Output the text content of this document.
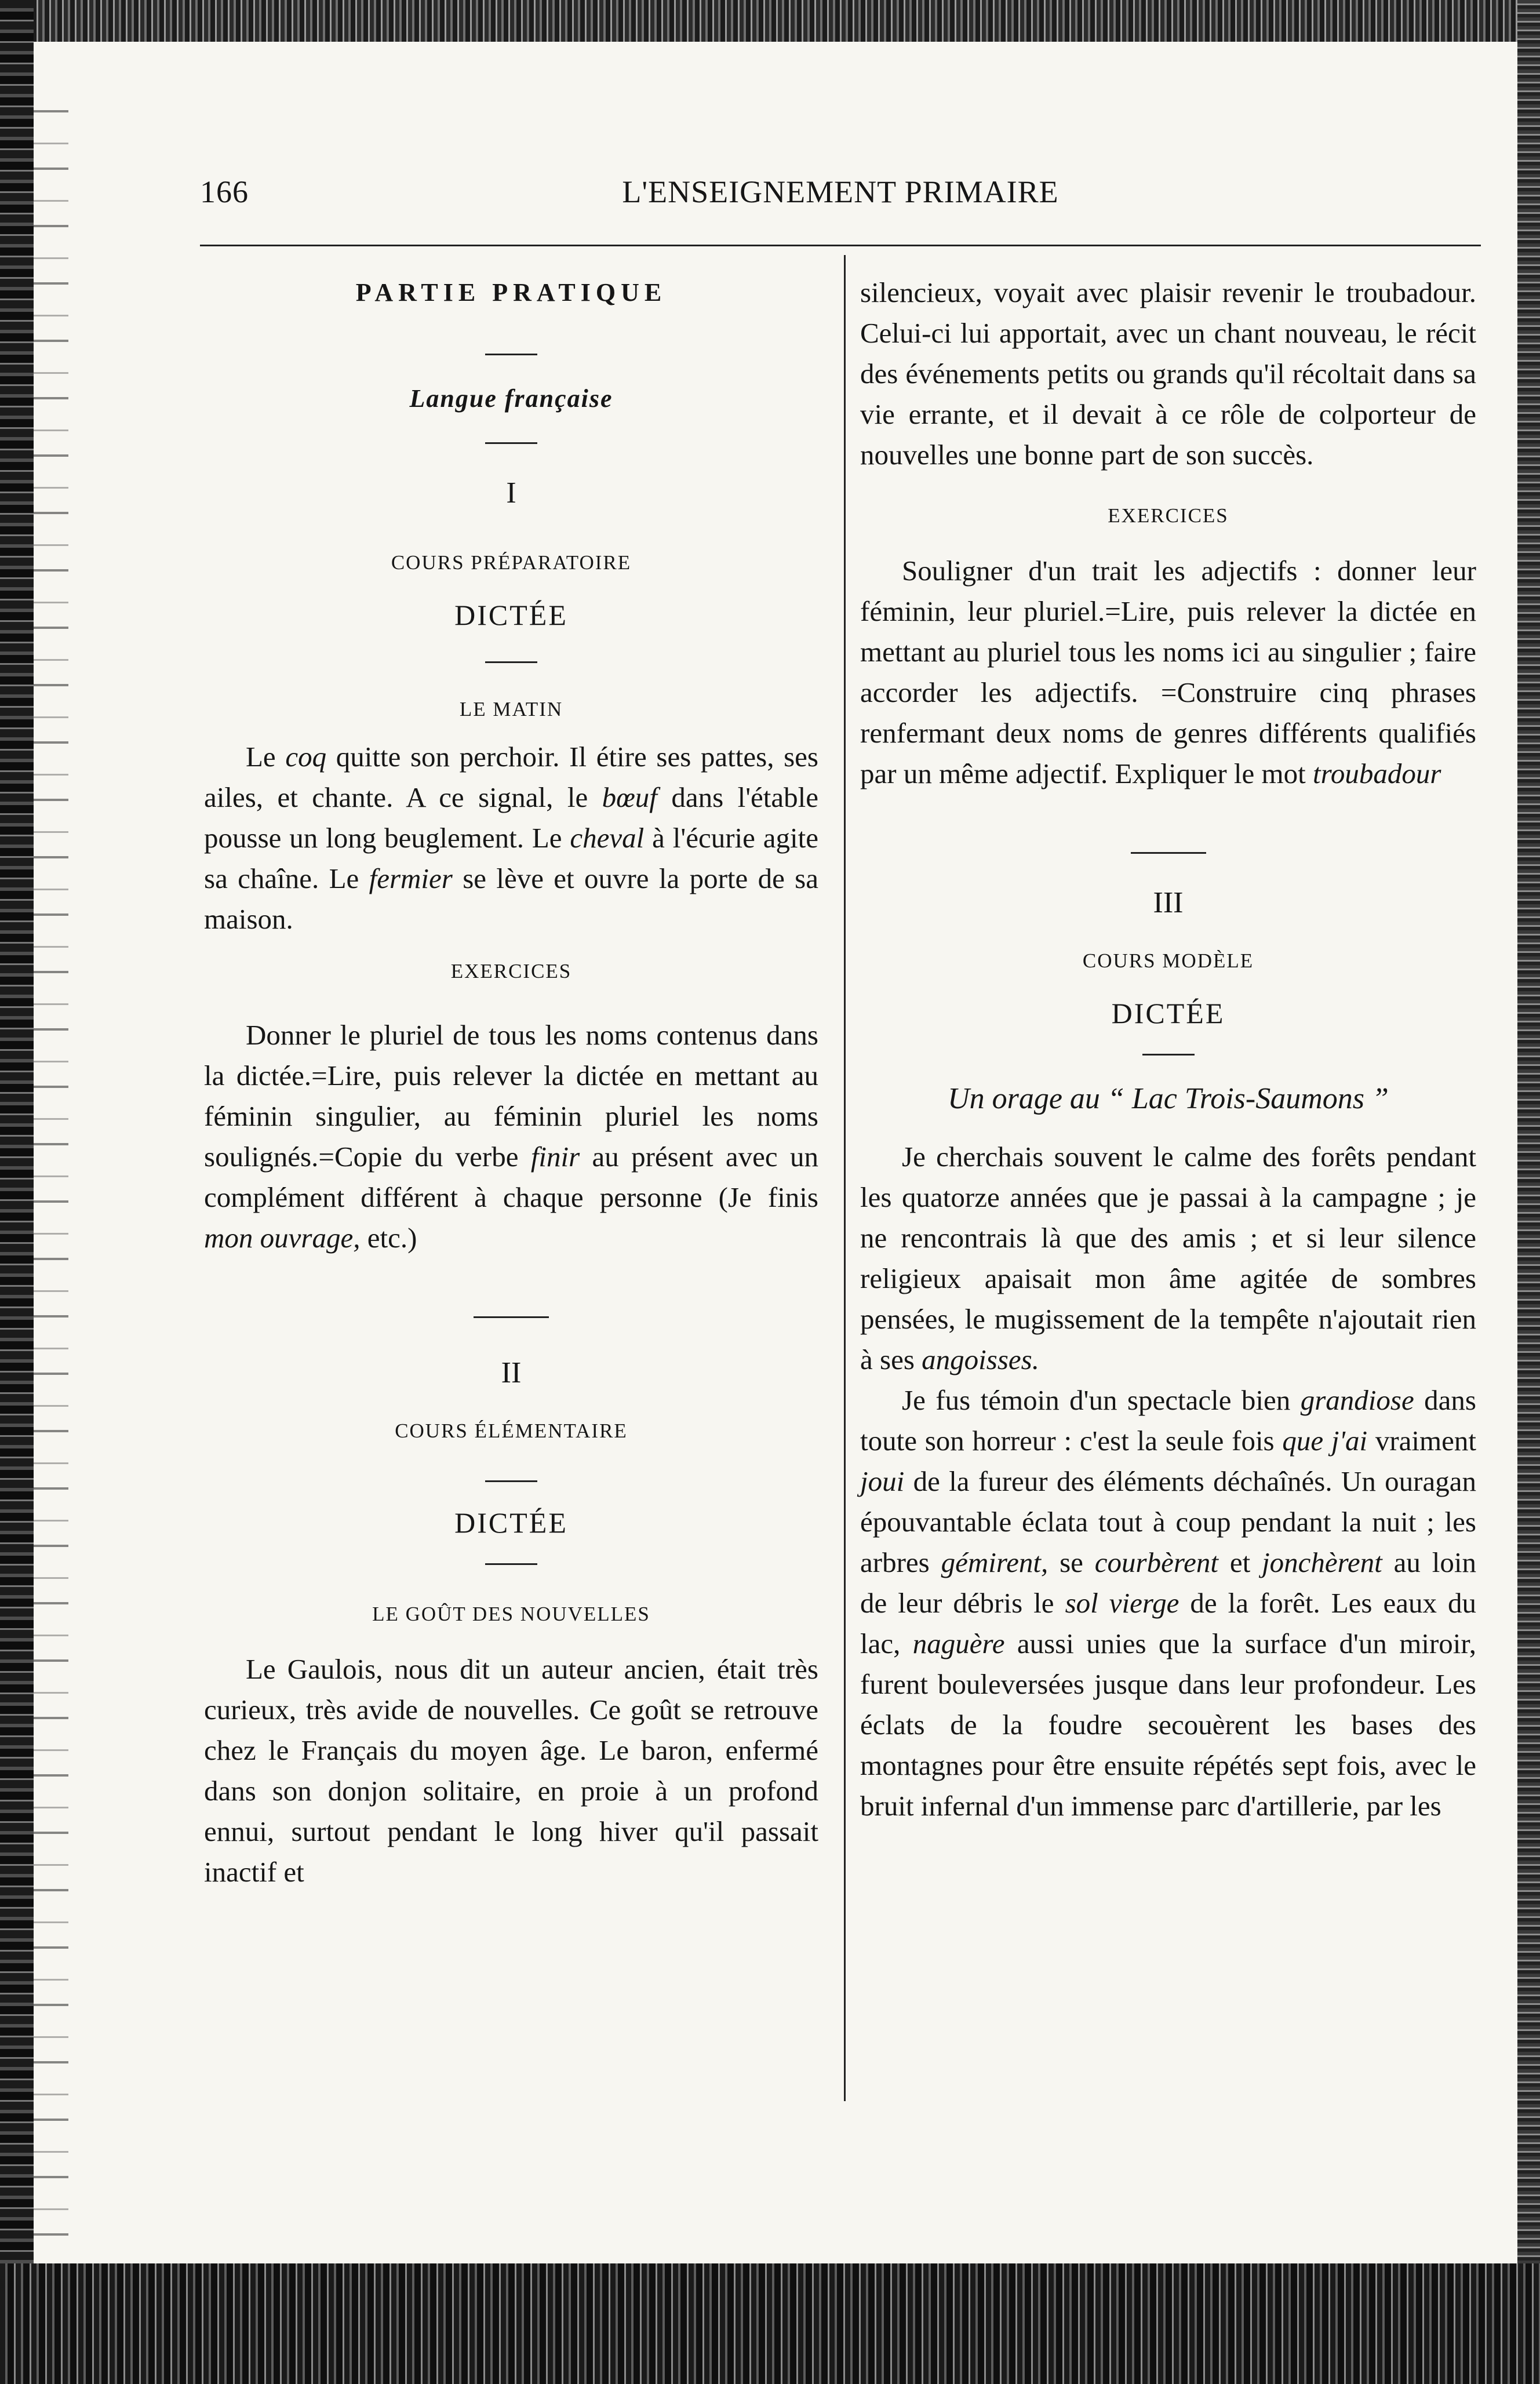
166	L'ENSEIGNEMENT PRIMAIRE
PARTIE PRATIQUE
Langue française
I
COURS PRÉPARATOIRE
DICTÉE
LE MATIN

Le coq quitte son perchoir. Il étire ses pattes, ses ailes, et chante. A ce signal, le bœuf dans l'étable pousse un long beuglement. Le cheval à l'écurie agite sa chaîne. Le fermier se lève et ouvre la porte de sa maison.

EXERCICES

Donner le pluriel de tous les noms contenus dans la dictée.=Lire, puis relever la dictée en mettant au féminin singulier, au féminin pluriel les noms soulignés.=Copie du verbe finir au présent avec un complément différent à chaque personne (Je finis mon ouvrage, etc.)

II
COURS ÉLÉMENTAIRE
DICTÉE
LE GOÛT DES NOUVELLES

Le Gaulois, nous dit un auteur ancien, était très curieux, très avide de nouvelles. Ce goût se retrouve chez le Français du moyen âge. Le baron, enfermé dans son donjon solitaire, en proie à un profond ennui, surtout pendant le long hiver qu'il passait inactif et

silencieux, voyait avec plaisir revenir le troubadour. Celui-ci lui apportait, avec un chant nouveau, le récit des événements petits ou grands qu'il récoltait dans sa vie errante, et il devait à ce rôle de colporteur de nouvelles une bonne part de son succès.

EXERCICES

Souligner d'un trait les adjectifs : donner leur féminin, leur pluriel.=Lire, puis relever la dictée en mettant au pluriel tous les noms ici au singulier ; faire accorder les adjectifs. =Construire cinq phrases renfermant deux noms de genres différents qualifiés par un même adjectif. Expliquer le mot troubadour

III
COURS MODÈLE
DICTÉE
Un orage au “ Lac Trois-Saumons ”

Je cherchais souvent le calme des forêts pendant les quatorze années que je passai à la campagne ; je ne rencontrais là que des amis ; et si leur silence religieux apaisait mon âme agitée de sombres pensées, le mugissement de la tempête n'ajoutait rien à ses angoisses.

Je fus témoin d'un spectacle bien grandiose dans toute son horreur : c'est la seule fois que j'ai vraiment joui de la fureur des éléments déchaînés. Un ouragan épouvantable éclata tout à coup pendant la nuit ; les arbres gémirent, se courbèrent et jonchèrent au loin de leur débris le sol vierge de la forêt. Les eaux du lac, naguère aussi unies que la surface d'un miroir, furent bouleversées jusque dans leur profondeur. Les éclats de la foudre secouèrent les bases des montagnes pour être ensuite répétés sept fois, avec le bruit infernal d'un immense parc d'artillerie, par les
